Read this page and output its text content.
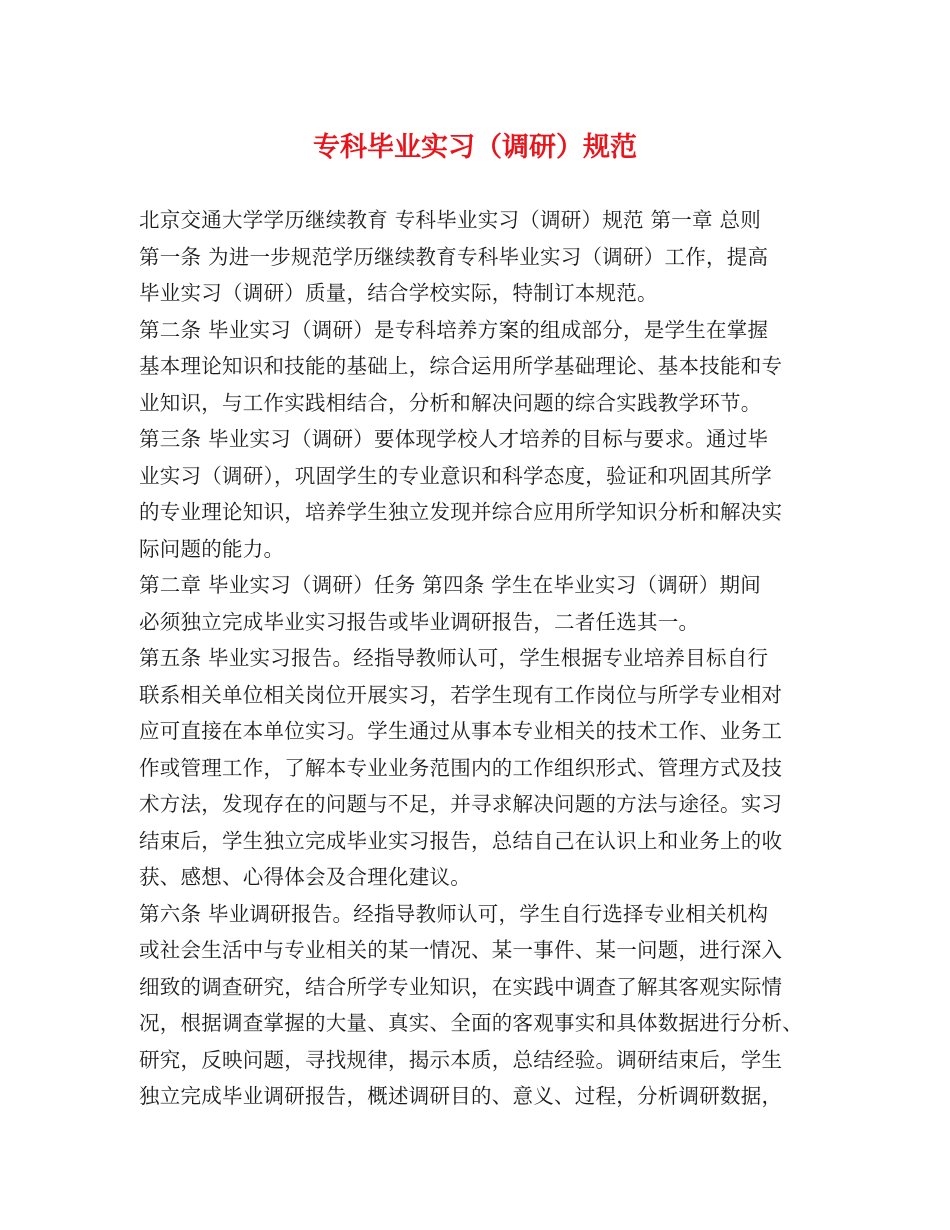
专科毕业实习（调研）规范
北京交通大学学历继续教育 专科毕业实习（调研）规范 第一章 总则
第一条 为进一步规范学历继续教育专科毕业实习（调研）工作，提高
毕业实习（调研）质量，结合学校实际，特制订本规范。
第二条 毕业实习（调研）是专科培养方案的组成部分，是学生在掌握
基本理论知识和技能的基础上，综合运用所学基础理论、基本技能和专
业知识，与工作实践相结合，分析和解决问题的综合实践教学环节。
第三条 毕业实习（调研）要体现学校人才培养的目标与要求。通过毕
业实习（调研），巩固学生的专业意识和科学态度，验证和巩固其所学
的专业理论知识，培养学生独立发现并综合应用所学知识分析和解决实
际问题的能力。
第二章 毕业实习（调研）任务 第四条 学生在毕业实习（调研）期间
必须独立完成毕业实习报告或毕业调研报告，二者任选其一。
第五条 毕业实习报告。经指导教师认可，学生根据专业培养目标自行
联系相关单位相关岗位开展实习，若学生现有工作岗位与所学专业相对
应可直接在本单位实习。学生通过从事本专业相关的技术工作、业务工
作或管理工作，了解本专业业务范围内的工作组织形式、管理方式及技
术方法，发现存在的问题与不足，并寻求解决问题的方法与途径。实习
结束后，学生独立完成毕业实习报告，总结自己在认识上和业务上的收
获、感想、心得体会及合理化建议。
第六条 毕业调研报告。经指导教师认可，学生自行选择专业相关机构
或社会生活中与专业相关的某一情况、某一事件、某一问题，进行深入
细致的调查研究，结合所学专业知识，在实践中调查了解其客观实际情
况，根据调查掌握的大量、真实、全面的客观事实和具体数据进行分析、
研究，反映问题，寻找规律，揭示本质，总结经验。调研结束后，学生
独立完成毕业调研报告，概述调研目的、意义、过程，分析调研数据，
